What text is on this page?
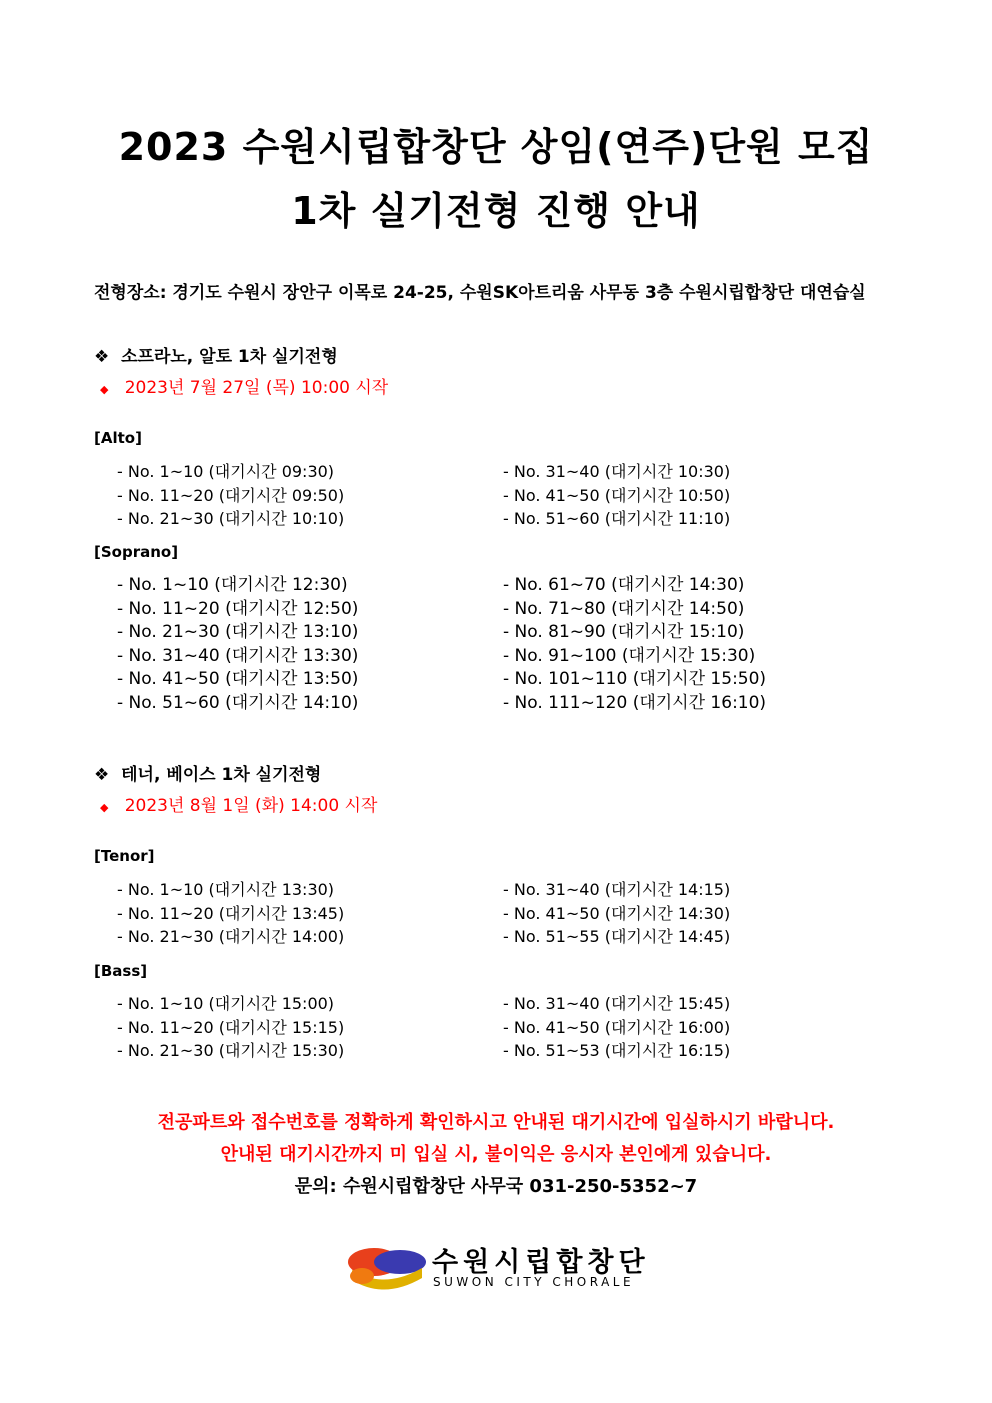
2023 수원시립합창단 상임(연주)단원 모집
1차 실기전형 진행 안내
전형장소: 경기도 수원시 장안구 이목로 24-25, 수원SK아트리움 사무동 3층 수원시립합창단 대연습실
❖ 소프라노, 알토 1차 실기전형
◆ 2023년 7월 27일 (목) 10:00 시작
[Alto]
- No. 1~10 (대기시간 09:30)
- No. 11~20 (대기시간 09:50)
- No. 21~30 (대기시간 10:10)
- No. 31~40 (대기시간 10:30)
- No. 41~50 (대기시간 10:50)
- No. 51~60 (대기시간 11:10)
[Soprano]
- No. 1~10 (대기시간 12:30)
- No. 11~20 (대기시간 12:50)
- No. 21~30 (대기시간 13:10)
- No. 31~40 (대기시간 13:30)
- No. 41~50 (대기시간 13:50)
- No. 51~60 (대기시간 14:10)
- No. 61~70 (대기시간 14:30)
- No. 71~80 (대기시간 14:50)
- No. 81~90 (대기시간 15:10)
- No. 91~100 (대기시간 15:30)
- No. 101~110 (대기시간 15:50)
- No. 111~120 (대기시간 16:10)
❖ 테너, 베이스 1차 실기전형
◆ 2023년 8월 1일 (화) 14:00 시작
[Tenor]
- No. 1~10 (대기시간 13:30)
- No. 11~20 (대기시간 13:45)
- No. 21~30 (대기시간 14:00)
- No. 31~40 (대기시간 14:15)
- No. 41~50 (대기시간 14:30)
- No. 51~55 (대기시간 14:45)
[Bass]
- No. 1~10 (대기시간 15:00)
- No. 11~20 (대기시간 15:15)
- No. 21~30 (대기시간 15:30)
- No. 31~40 (대기시간 15:45)
- No. 41~50 (대기시간 16:00)
- No. 51~53 (대기시간 16:15)
전공파트와 접수번호를 정확하게 확인하시고 안내된 대기시간에 입실하시기 바랍니다.
안내된 대기시간까지 미 입실 시, 불이익은 응시자 본인에게 있습니다.
문의: 수원시립합창단 사무국 031-250-5352~7
수원시립합창단
SUWON CITY CHORALE
